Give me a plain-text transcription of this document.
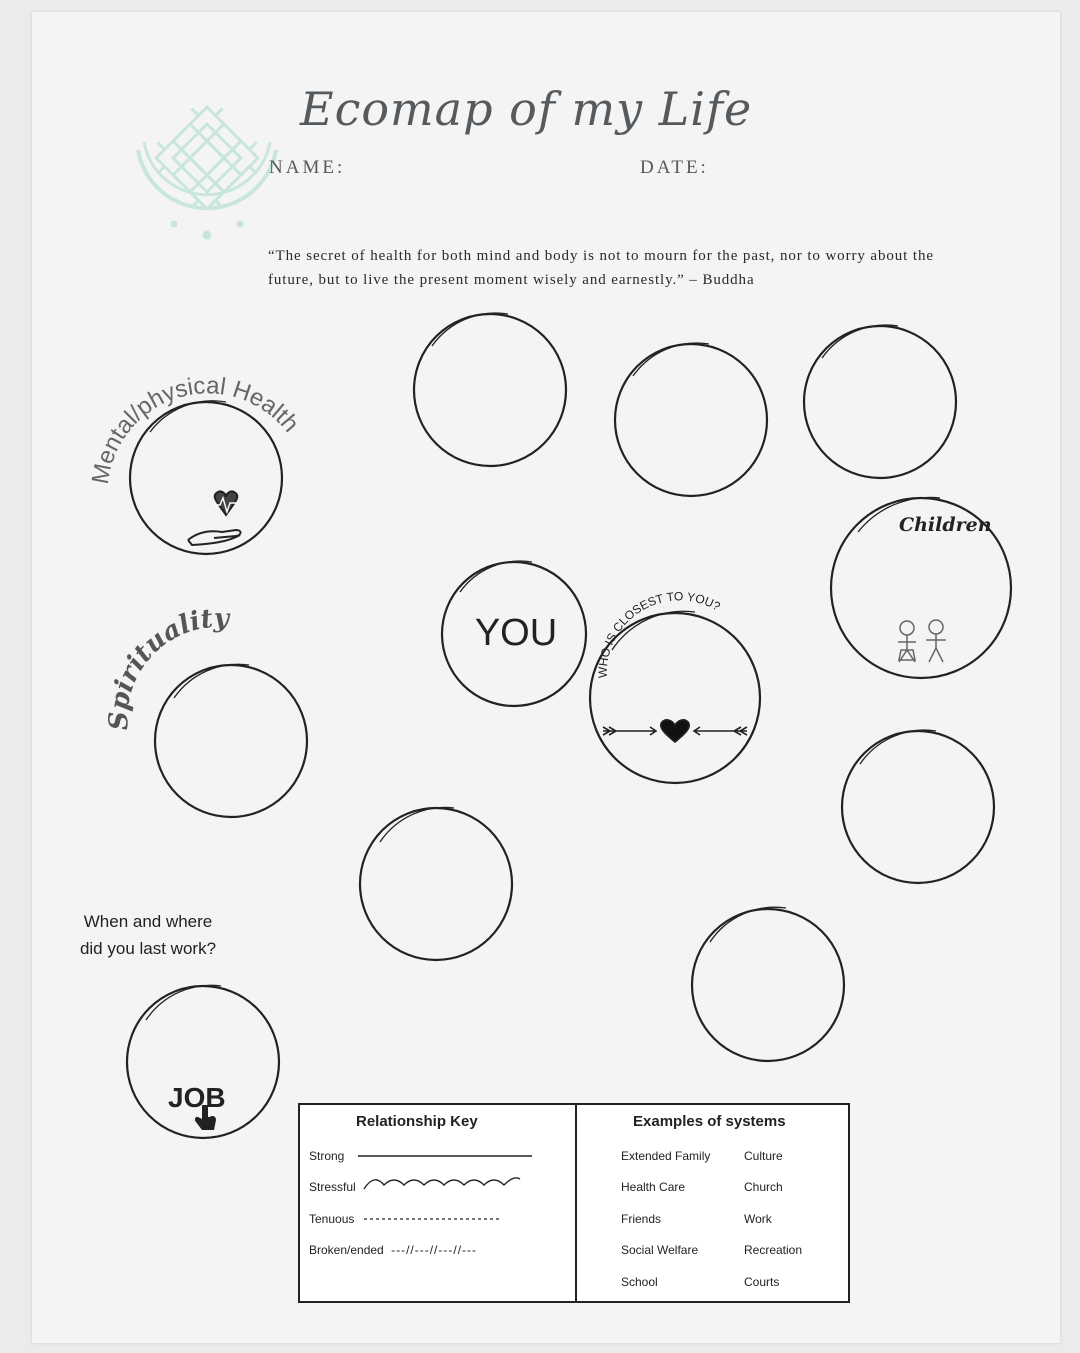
Ecomap of my Life
NAME:	DATE:

“The secret of health for both mind and body is not to mourn for the past, nor to worry about the future, but to live the present moment wisely and earnestly.” – Buddha

Mental/physical Health
Spirituality
WHO IS CLOSEST TO YOU?
YOU
Children
When and where did you last work?
JOB
Relationship Key
Strong
Stressful
Tenuous
Broken/ended ---//---//---//---
Examples of systems
Extended Family
Health Care
Friends
Social Welfare
School
Culture
Church
Work
Recreation
Courts
